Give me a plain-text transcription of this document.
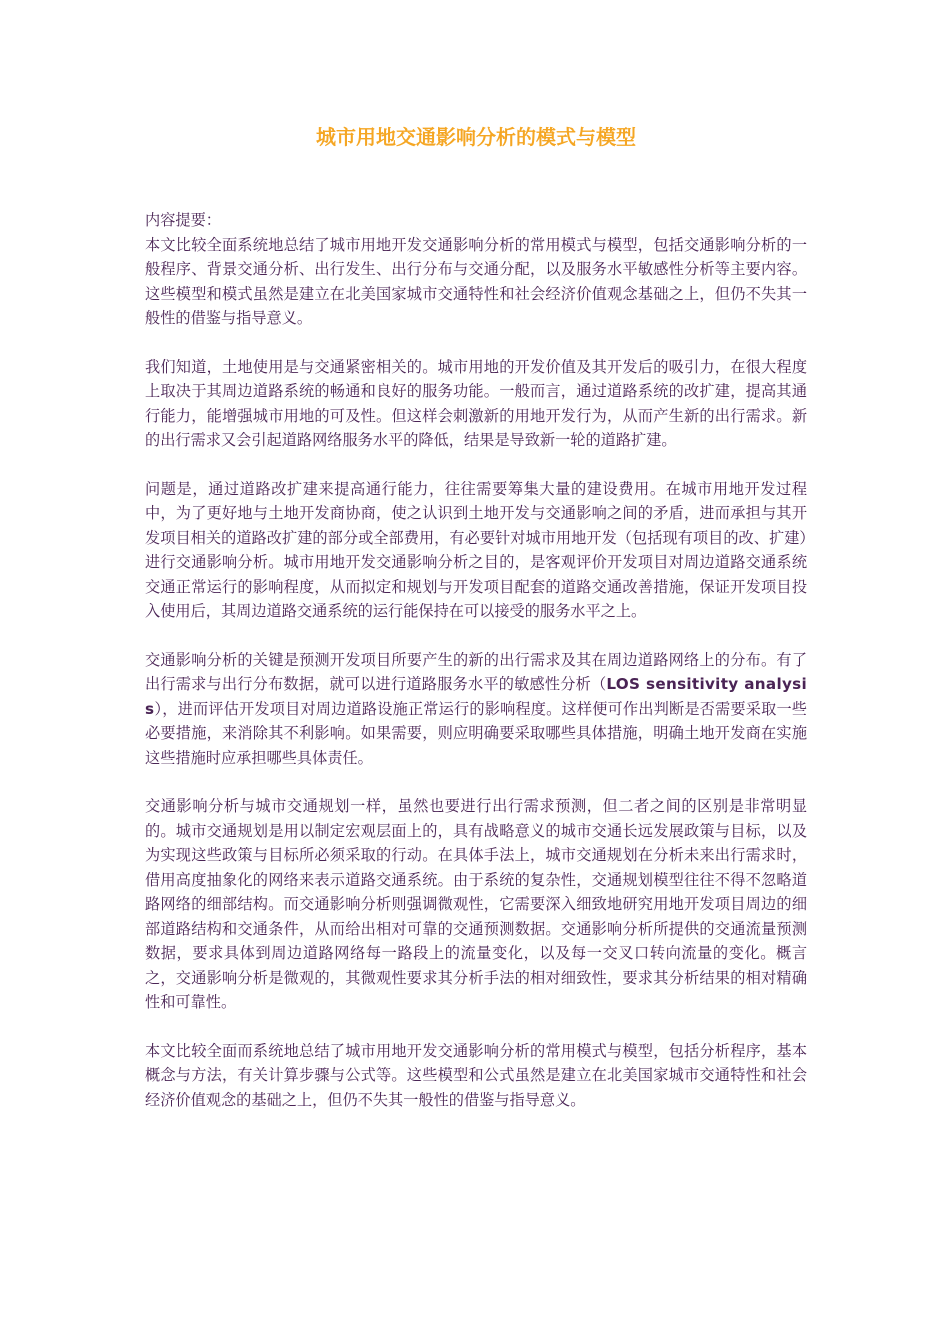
城市用地交通影响分析的模式与模型

内容提要：
本文比较全面系统地总结了城市用地开发交通影响分析的常用模式与模型，包括交通影响分析的一般程序、背景交通分析、出行发生、出行分布与交通分配，以及服务水平敏感性分析等主要内容。这些模型和模式虽然是建立在北美国家城市交通特性和社会经济价值观念基础之上，但仍不失其一般性的借鉴与指导意义。

我们知道，土地使用是与交通紧密相关的。城市用地的开发价值及其开发后的吸引力，在很大程度上取决于其周边道路系统的畅通和良好的服务功能。一般而言，通过道路系统的改扩建，提高其通行能力，能增强城市用地的可及性。但这样会刺激新的用地开发行为，从而产生新的出行需求。新的出行需求又会引起道路网络服务水平的降低，结果是导致新一轮的道路扩建。

问题是，通过道路改扩建来提高通行能力，往往需要筹集大量的建设费用。在城市用地开发过程中，为了更好地与土地开发商协商，使之认识到土地开发与交通影响之间的矛盾，进而承担与其开发项目相关的道路改扩建的部分或全部费用，有必要针对城市用地开发（包括现有项目的改、扩建）进行交通影响分析。城市用地开发交通影响分析之目的，是客观评价开发项目对周边道路交通系统交通正常运行的影响程度，从而拟定和规划与开发项目配套的道路交通改善措施，保证开发项目投入使用后，其周边道路交通系统的运行能保持在可以接受的服务水平之上。

交通影响分析的关键是预测开发项目所要产生的新的出行需求及其在周边道路网络上的分布。有了出行需求与出行分布数据，就可以进行道路服务水平的敏感性分析（LOS sensitivity analysis），进而评估开发项目对周边道路设施正常运行的影响程度。这样便可作出判断是否需要采取一些必要措施，来消除其不利影响。如果需要，则应明确要采取哪些具体措施，明确土地开发商在实施这些措施时应承担哪些具体责任。

交通影响分析与城市交通规划一样，虽然也要进行出行需求预测，但二者之间的区别是非常明显的。城市交通规划是用以制定宏观层面上的，具有战略意义的城市交通长远发展政策与目标，以及为实现这些政策与目标所必须采取的行动。在具体手法上，城市交通规划在分析未来出行需求时，借用高度抽象化的网络来表示道路交通系统。由于系统的复杂性，交通规划模型往往不得不忽略道路网络的细部结构。而交通影响分析则强调微观性，它需要深入细致地研究用地开发项目周边的细部道路结构和交通条件，从而给出相对可靠的交通预测数据。交通影响分析所提供的交通流量预测数据，要求具体到周边道路网络每一路段上的流量变化，以及每一交叉口转向流量的变化。概言之，交通影响分析是微观的，其微观性要求其分析手法的相对细致性，要求其分析结果的相对精确性和可靠性。

本文比较全面而系统地总结了城市用地开发交通影响分析的常用模式与模型，包括分析程序，基本概念与方法，有关计算步骤与公式等。这些模型和公式虽然是建立在北美国家城市交通特性和社会经济价值观念的基础之上，但仍不失其一般性的借鉴与指导意义。
